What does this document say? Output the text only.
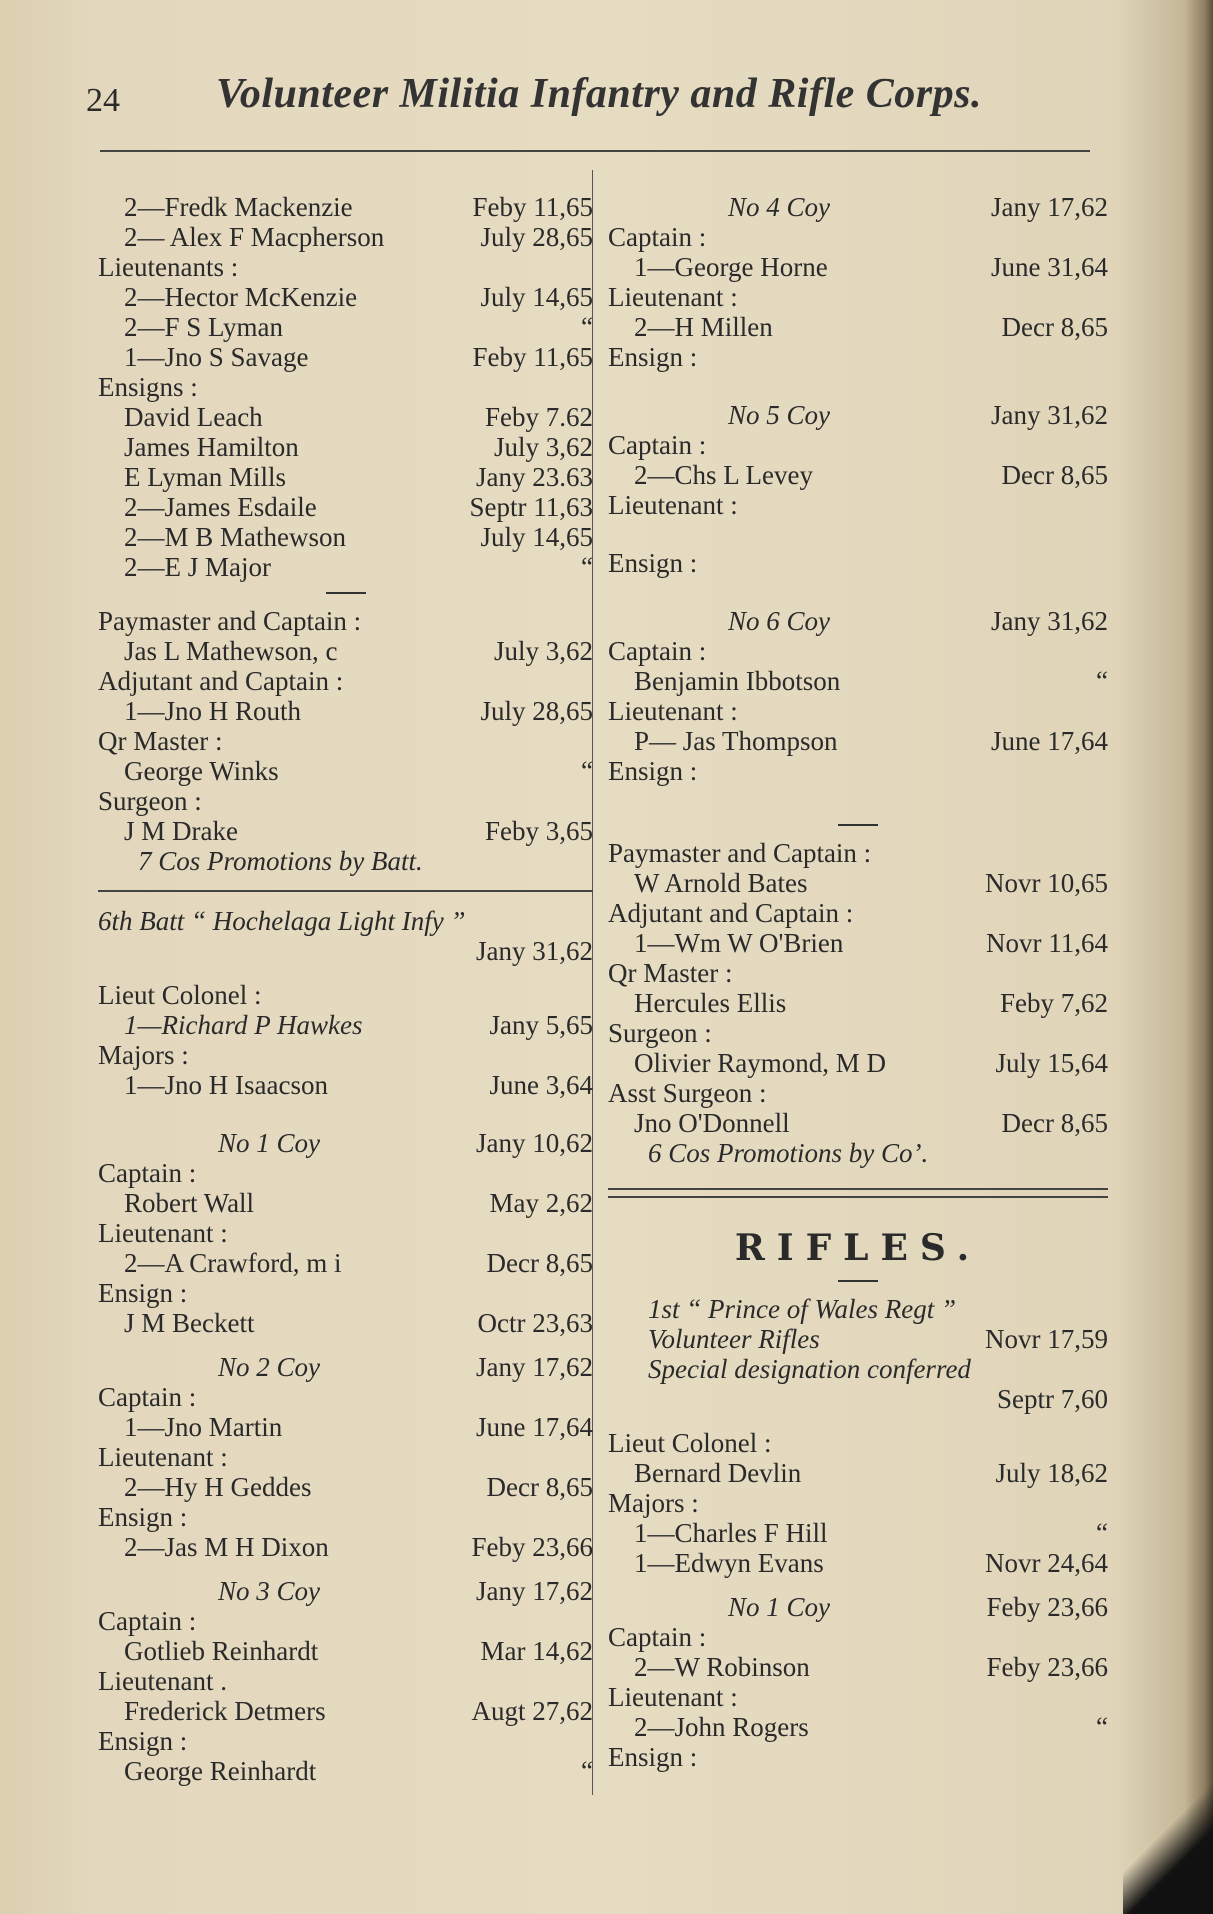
24 Volunteer Militia Infantry and Rifle Corps.
2—Fredk Mackenzie	Feby 11,65
2— Alex F Macpherson	July 28,65
Lieutenants :
2—Hector McKenzie	July 14,65
2—F S Lyman	“
1—Jno S Savage	Feby 11,65
Ensigns :
David Leach	Feby 7.62
James Hamilton	July 3,62
E Lyman Mills	Jany 23.63
2—James Esdaile	Septr 11,63
2—M B Mathewson	July 14,65
2—E J Major	“
Paymaster and Captain :
Jas L Mathewson, c	July 3,62
Adjutant and Captain :
1—Jno H Routh	July 28,65
Qr Master :
George Winks	“
Surgeon :
J M Drake	Feby 3,65
7 Cos Promotions by Batt.
6th Batt “ Hochelaga Light Infy ”
Jany 31,62
Lieut Colonel :
1—Richard P Hawkes	Jany 5,65
Majors :
1—Jno H Isaacson	June 3,64
No 1 Coy	Jany 10,62
Captain :
Robert Wall	May 2,62
Lieutenant :
2—A Crawford, m i	Decr 8,65
Ensign :
J M Beckett	Octr 23,63
No 2 Coy	Jany 17,62
Captain :
1—Jno Martin	June 17,64
Lieutenant :
2—Hy H Geddes	Decr 8,65
Ensign :
2—Jas M H Dixon	Feby 23,66
No 3 Coy	Jany 17,62
Captain :
Gotlieb Reinhardt	Mar 14,62
Lieutenant .
Frederick Detmers	Augt 27,62
Ensign :
George Reinhardt	“
No 4 Coy	Jany 17,62
Captain :
1—George Horne	June 31,64
Lieutenant :
2—H Millen	Decr 8,65
Ensign :
No 5 Coy	Jany 31,62
Captain :
2—Chs L Levey	Decr 8,65
Lieutenant :
Ensign :
No 6 Coy	Jany 31,62
Captain :
Benjamin Ibbotson	“
Lieutenant :
P— Jas Thompson	June 17,64
Ensign :
Paymaster and Captain :
W Arnold Bates	Novr 10,65
Adjutant and Captain :
1—Wm W O'Brien	Novr 11,64
Qr Master :
Hercules Ellis	Feby 7,62
Surgeon :
Olivier Raymond, M D	July 15,64
Asst Surgeon :
Jno O'Donnell	Decr 8,65
6 Cos Promotions by Co’.
RIFLES.
1st “ Prince of Wales Regt ”
Volunteer Rifles	Novr 17,59
Special designation conferred
Septr 7,60
Lieut Colonel :
Bernard Devlin	July 18,62
Majors :
1—Charles F Hill	“
1—Edwyn Evans	Novr 24,64
No 1 Coy	Feby 23,66
Captain :
2—W Robinson	Feby 23,66
Lieutenant :
2—John Rogers	“
Ensign :
